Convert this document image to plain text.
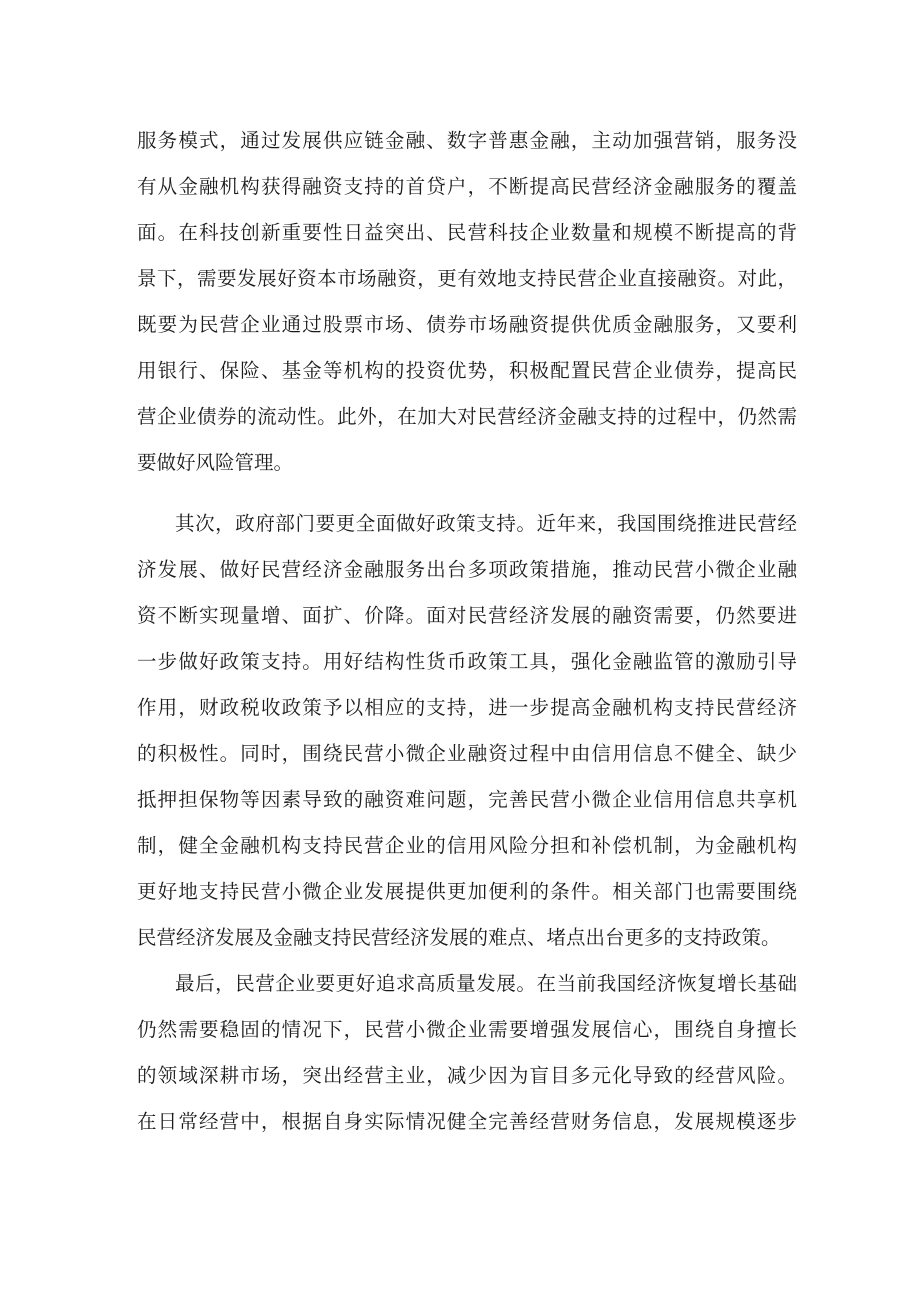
服务模式，通过发展供应链金融、数字普惠金融，主动加强营销，服务没
有从金融机构获得融资支持的首贷户，不断提高民营经济金融服务的覆盖
面。在科技创新重要性日益突出、民营科技企业数量和规模不断提高的背
景下，需要发展好资本市场融资，更有效地支持民营企业直接融资。对此，
既要为民营企业通过股票市场、债券市场融资提供优质金融服务，又要利
用银行、保险、基金等机构的投资优势，积极配置民营企业债券，提高民
营企业债券的流动性。此外，在加大对民营经济金融支持的过程中，仍然需
要做好风险管理。
其次，政府部门要更全面做好政策支持。近年来，我国围绕推进民营经
济发展、做好民营经济金融服务出台多项政策措施，推动民营小微企业融
资不断实现量增、面扩、价降。面对民营经济发展的融资需要，仍然要进
一步做好政策支持。用好结构性货币政策工具，强化金融监管的激励引导
作用，财政税收政策予以相应的支持，进一步提高金融机构支持民营经济
的积极性。同时，围绕民营小微企业融资过程中由信用信息不健全、缺少
抵押担保物等因素导致的融资难问题，完善民营小微企业信用信息共享机
制，健全金融机构支持民营企业的信用风险分担和补偿机制，为金融机构
更好地支持民营小微企业发展提供更加便利的条件。相关部门也需要围绕
民营经济发展及金融支持民营经济发展的难点、堵点出台更多的支持政策。
最后，民营企业要更好追求高质量发展。在当前我国经济恢复增长基础
仍然需要稳固的情况下，民营小微企业需要增强发展信心，围绕自身擅长
的领域深耕市场，突出经营主业，减少因为盲目多元化导致的经营风险。
在日常经营中，根据自身实际情况健全完善经营财务信息，发展规模逐步
